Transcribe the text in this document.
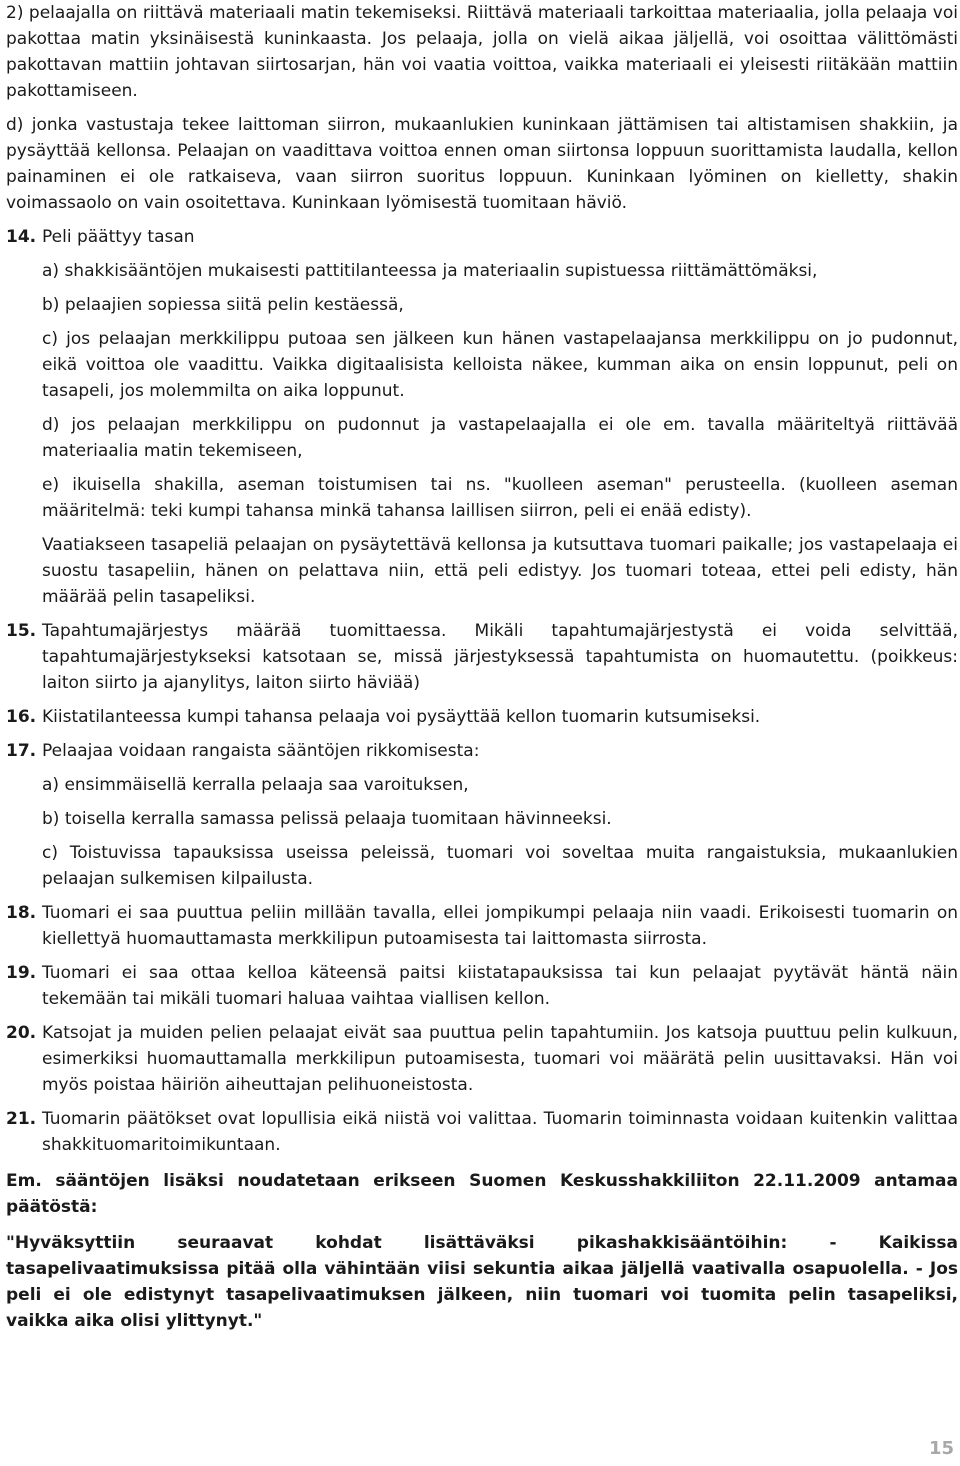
2) pelaajalla on riittävä materiaali matin tekemiseksi. Riittävä materiaali tarkoittaa materiaalia, jolla pelaaja voi pakottaa matin yksinäisestä kuninkaasta. Jos pelaaja, jolla on vielä aikaa jäljellä, voi osoittaa välittömästi pakottavan mattiin johtavan siirtosarjan, hän voi vaatia voittoa, vaikka materiaali ei yleisesti riitäkään mattiin pakottamiseen.

d) jonka vastustaja tekee laittoman siirron, mukaanlukien kuninkaan jättämisen tai altistamisen shakkiin, ja pysäyttää kellonsa. Pelaajan on vaadittava voittoa ennen oman siirtonsa loppuun suorittamista laudalla, kellon painaminen ei ole ratkaiseva, vaan siirron suoritus loppuun. Kuninkaan lyöminen on kielletty, shakin voimassaolo on vain osoitettava. Kuninkaan lyömisestä tuomitaan häviö.

14. Peli päättyy tasan

a) shakkisääntöjen mukaisesti pattitilanteessa ja materiaalin supistuessa riittämättömäksi,

b) pelaajien sopiessa siitä pelin kestäessä,

c) jos pelaajan merkkilippu putoaa sen jälkeen kun hänen vastapelaajansa merkkilippu on jo pudonnut, eikä voittoa ole vaadittu. Vaikka digitaalisista kelloista näkee, kumman aika on ensin loppunut, peli on tasapeli, jos molemmilta on aika loppunut.

d) jos pelaajan merkkilippu on pudonnut ja vastapelaajalla ei ole em. tavalla määriteltyä riittävää materiaalia matin tekemiseen,

e) ikuisella shakilla, aseman toistumisen tai ns. "kuolleen aseman" perusteella. (kuolleen aseman määritelmä: teki kumpi tahansa minkä tahansa laillisen siirron, peli ei enää edisty).

Vaatiakseen tasapeliä pelaajan on pysäytettävä kellonsa ja kutsuttava tuomari paikalle; jos vastapelaaja ei suostu tasapeliin, hänen on pelattava niin, että peli edistyy. Jos tuomari toteaa, ettei peli edisty, hän määrää pelin tasapeliksi.

15. Tapahtumajärjestys määrää tuomittaessa. Mikäli tapahtumajärjestystä ei voida selvittää, tapahtumajärjestykseksi katsotaan se, missä järjestyksessä tapahtumista on huomautettu. (poikkeus: laiton siirto ja ajanylitys, laiton siirto häviää)

16. Kiistatilanteessa kumpi tahansa pelaaja voi pysäyttää kellon tuomarin kutsumiseksi.

17. Pelaajaa voidaan rangaista sääntöjen rikkomisesta:

a) ensimmäisellä kerralla pelaaja saa varoituksen,

b) toisella kerralla samassa pelissä pelaaja tuomitaan hävinneeksi.

c) Toistuvissa tapauksissa useissa peleissä, tuomari voi soveltaa muita rangaistuksia, mukaanlukien pelaajan sulkemisen kilpailusta.

18. Tuomari ei saa puuttua peliin millään tavalla, ellei jompikumpi pelaaja niin vaadi. Erikoisesti tuomarin on kiellettyä huomauttamasta merkkilipun putoamisesta tai laittomasta siirrosta.

19. Tuomari ei saa ottaa kelloa käteensä paitsi kiistatapauksissa tai kun pelaajat pyytävät häntä näin tekemään tai mikäli tuomari haluaa vaihtaa viallisen kellon.

20. Katsojat ja muiden pelien pelaajat eivät saa puuttua pelin tapahtumiin. Jos katsoja puuttuu pelin kulkuun, esimerkiksi huomauttamalla merkkilipun putoamisesta, tuomari voi määrätä pelin uusittavaksi. Hän voi myös poistaa häiriön aiheuttajan pelihuoneistosta.

21. Tuomarin päätökset ovat lopullisia eikä niistä voi valittaa. Tuomarin toiminnasta voidaan kuitenkin valittaa shakkituomaritoimikuntaan.

Em. sääntöjen lisäksi noudatetaan erikseen Suomen Keskusshakkiliiton 22.11.2009 antamaa päätöstä:

"Hyväksyttiin seuraavat kohdat lisättäväksi pikashakkisääntöihin: - Kaikissa tasapelivaatimuksissa pitää olla vähintään viisi sekuntia aikaa jäljellä vaativalla osapuolella. - Jos peli ei ole edistynyt tasapelivaatimuksen jälkeen, niin tuomari voi tuomita pelin tasapeliksi, vaikka aika olisi ylittynyt."

15
